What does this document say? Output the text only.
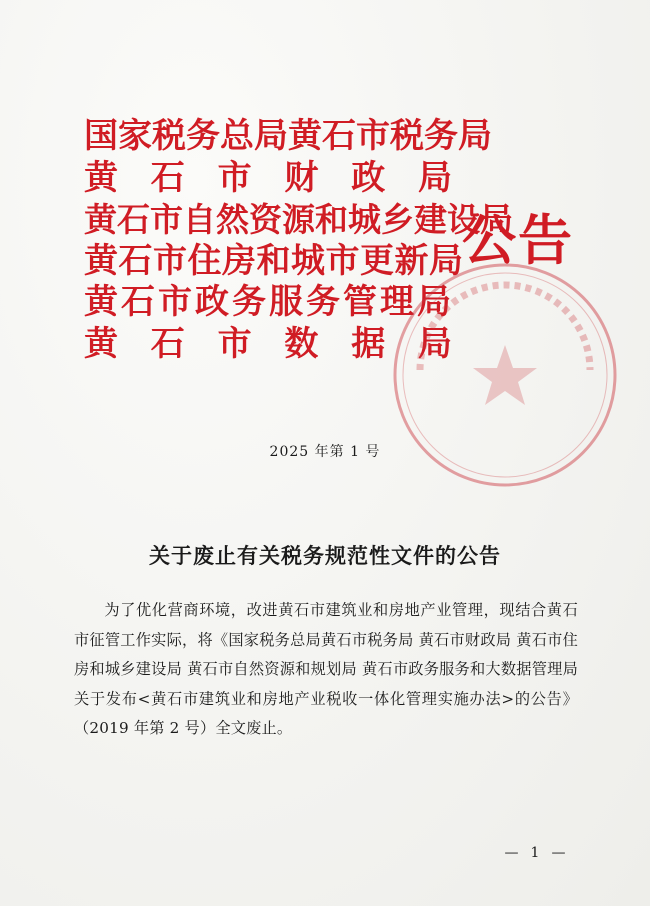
国家税务总局黄石市税务局
黄 石 市 财 政 局
黄石市自然资源和城乡建设局
黄石市住房和城市更新局
黄石市政务服务管理局
黄 石 市 数 据 局
公告
2025 年第 1 号
关于废止有关税务规范性文件的公告
为了优化营商环境，改进黄石市建筑业和房地产业管理，现结合黄石市征管工作实际，将《国家税务总局黄石市税务局 黄石市财政局 黄石市住房和城乡建设局 黄石市自然资源和规划局 黄石市政务服务和大数据管理局 关于发布<黄石市建筑业和房地产业税收一体化管理实施办法>的公告》（2019 年第 2 号）全文废止。
— 1 —
